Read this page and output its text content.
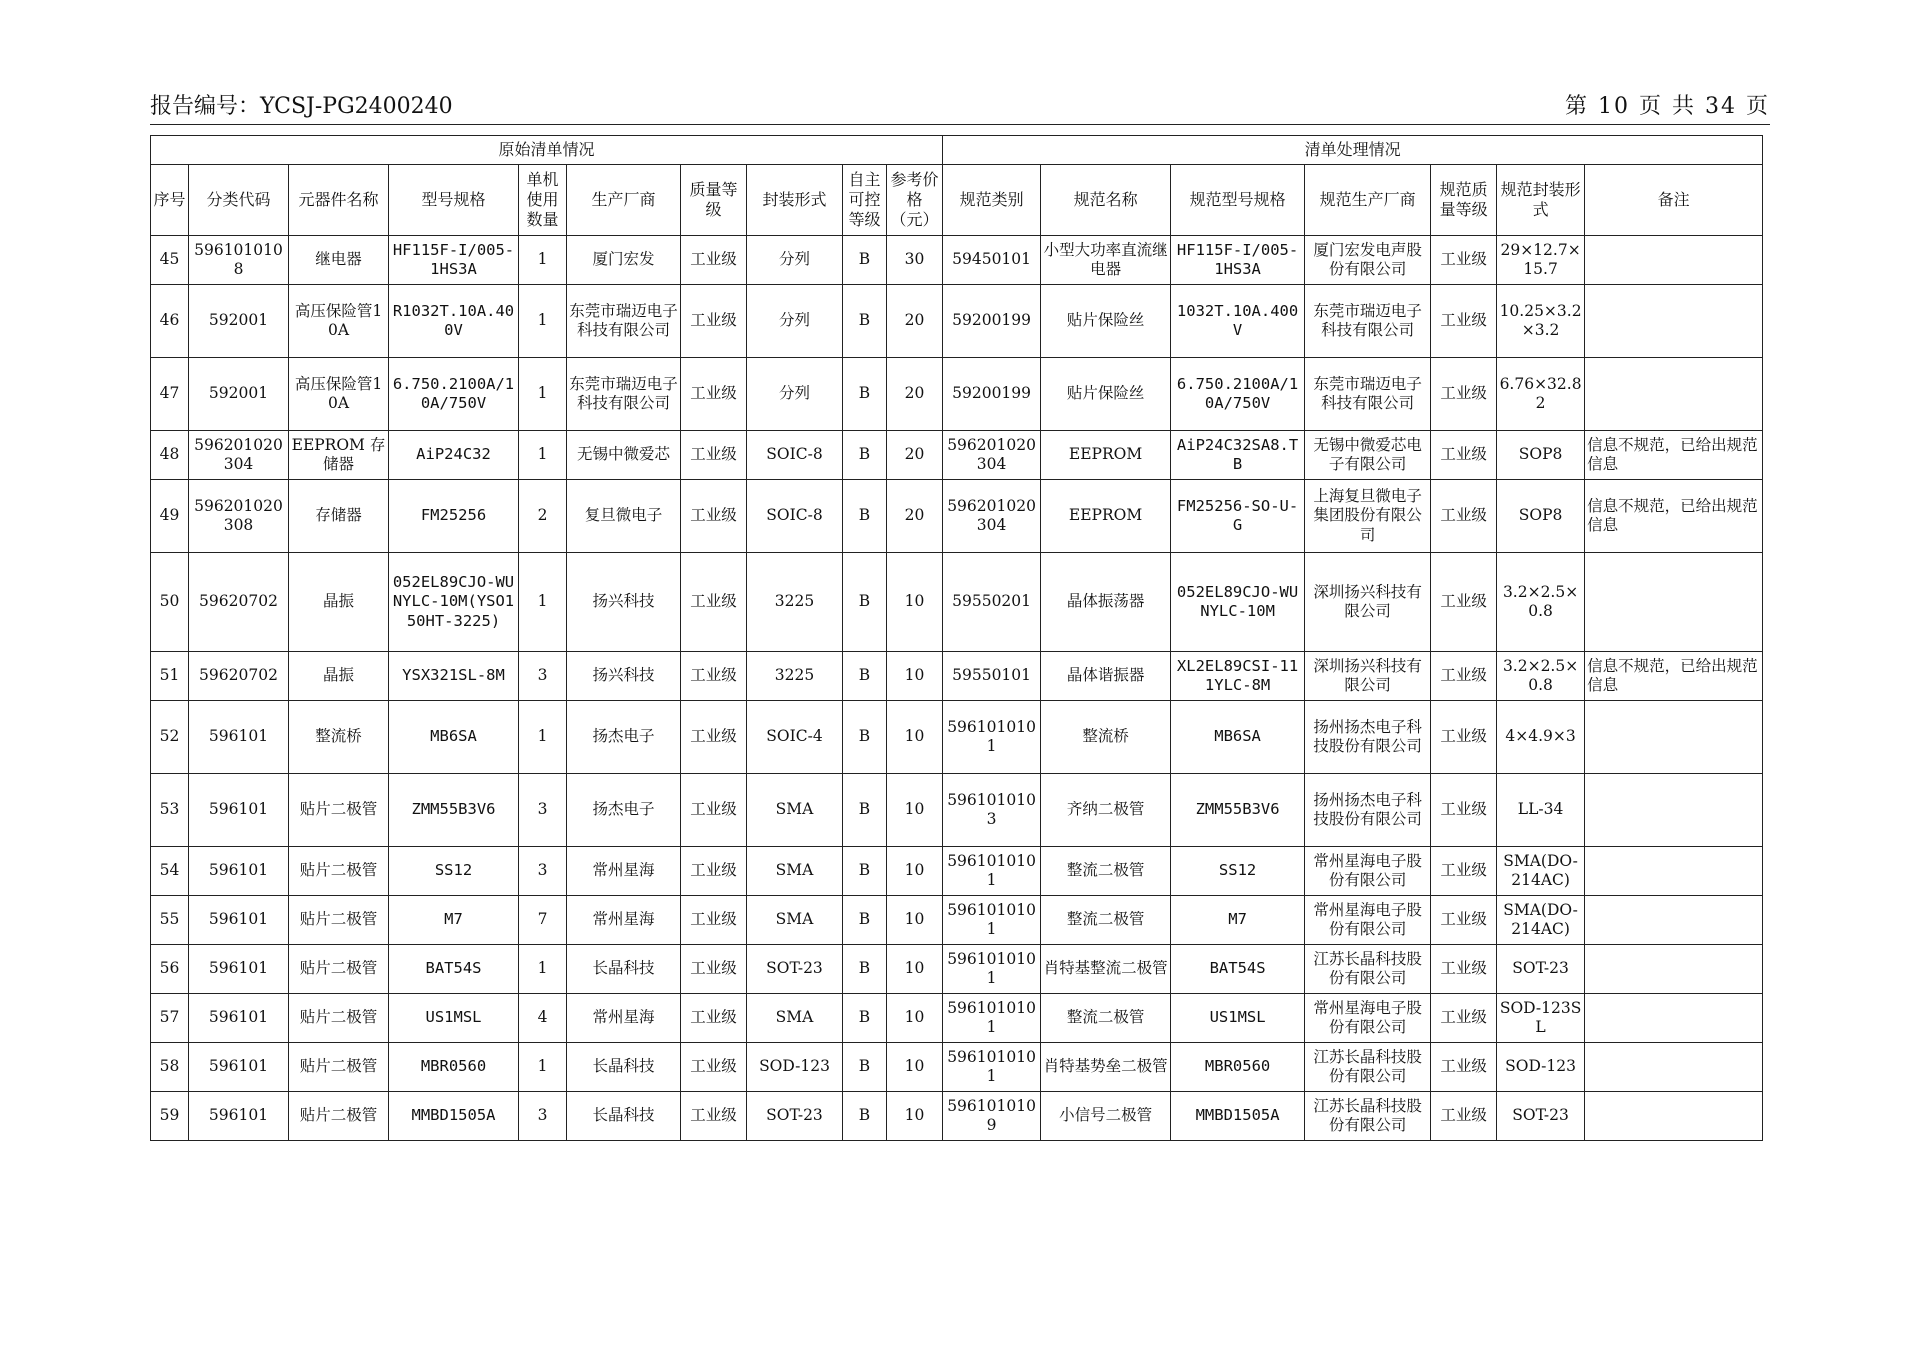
报告编号：YCSJ-PG2400240	第 10 页 共 34 页
原始清单情况										清单处理情况						
序号	分类代码	元器件名称	型号规格	单机使用数量	生产厂商	质量等级	封装形式	自主可控等级	参考价格（元）	规范类别	规范名称	规范型号规格	规范生产厂商	规范质量等级	规范封装形式	备注
45	5961010108	继电器	HF115F-I/005-1HS3A	1	厦门宏发	工业级	分列	B	30	59450101	小型大功率直流继电器	HF115F-I/005-1HS3A	厦门宏发电声股份有限公司	工业级	29×12.7×15.7	
46	592001	高压保险管10A	R1032T.10A.400V	1	东莞市瑞迈电子科技有限公司	工业级	分列	B	20	59200199	贴片保险丝	1032T.10A.400V	东莞市瑞迈电子科技有限公司	工业级	10.25×3.2×3.2	
47	592001	高压保险管10A	6.750.2100A/10A/750V	1	东莞市瑞迈电子科技有限公司	工业级	分列	B	20	59200199	贴片保险丝	6.750.2100A/10A/750V	东莞市瑞迈电子科技有限公司	工业级	6.76×32.82	
48	596201020304	EEPROM 存储器	AiP24C32	1	无锡中微爱芯	工业级	SOIC-8	B	20	596201020304	EEPROM	AiP24C32SA8.TB	无锡中微爱芯电子有限公司	工业级	SOP8	信息不规范，已给出规范信息
49	596201020308	存储器	FM25256	2	复旦微电子	工业级	SOIC-8	B	20	596201020304	EEPROM	FM25256-SO-U-G	上海复旦微电子集团股份有限公司	工业级	SOP8	信息不规范，已给出规范信息
50	59620702	晶振	052EL89CJO-WUNYLC-10M(YSO150HT-3225)	1	扬兴科技	工业级	3225	B	10	59550201	晶体振荡器	052EL89CJO-WUNYLC-10M	深圳扬兴科技有限公司	工业级	3.2×2.5×0.8	
51	59620702	晶振	YSX321SL-8M	3	扬兴科技	工业级	3225	B	10	59550101	晶体谐振器	XL2EL89CSI-111YLC-8M	深圳扬兴科技有限公司	工业级	3.2×2.5×0.8	信息不规范，已给出规范信息
52	596101	整流桥	MB6SA	1	扬杰电子	工业级	SOIC-4	B	10	5961010101	整流桥	MB6SA	扬州扬杰电子科技股份有限公司	工业级	4×4.9×3	
53	596101	贴片二极管	ZMM55B3V6	3	扬杰电子	工业级	SMA	B	10	5961010103	齐纳二极管	ZMM55B3V6	扬州扬杰电子科技股份有限公司	工业级	LL-34	
54	596101	贴片二极管	SS12	3	常州星海	工业级	SMA	B	10	5961010101	整流二极管	SS12	常州星海电子股份有限公司	工业级	SMA(DO-214AC)	
55	596101	贴片二极管	M7	7	常州星海	工业级	SMA	B	10	5961010101	整流二极管	M7	常州星海电子股份有限公司	工业级	SMA(DO-214AC)	
56	596101	贴片二极管	BAT54S	1	长晶科技	工业级	SOT-23	B	10	5961010101	肖特基整流二极管	BAT54S	江苏长晶科技股份有限公司	工业级	SOT-23	
57	596101	贴片二极管	US1MSL	4	常州星海	工业级	SMA	B	10	5961010101	整流二极管	US1MSL	常州星海电子股份有限公司	工业级	SOD-123SL	
58	596101	贴片二极管	MBR0560	1	长晶科技	工业级	SOD-123	B	10	5961010101	肖特基势垒二极管	MBR0560	江苏长晶科技股份有限公司	工业级	SOD-123	
59	596101	贴片二极管	MMBD1505A	3	长晶科技	工业级	SOT-23	B	10	5961010109	小信号二极管	MMBD1505A	江苏长晶科技股份有限公司	工业级	SOT-23	
